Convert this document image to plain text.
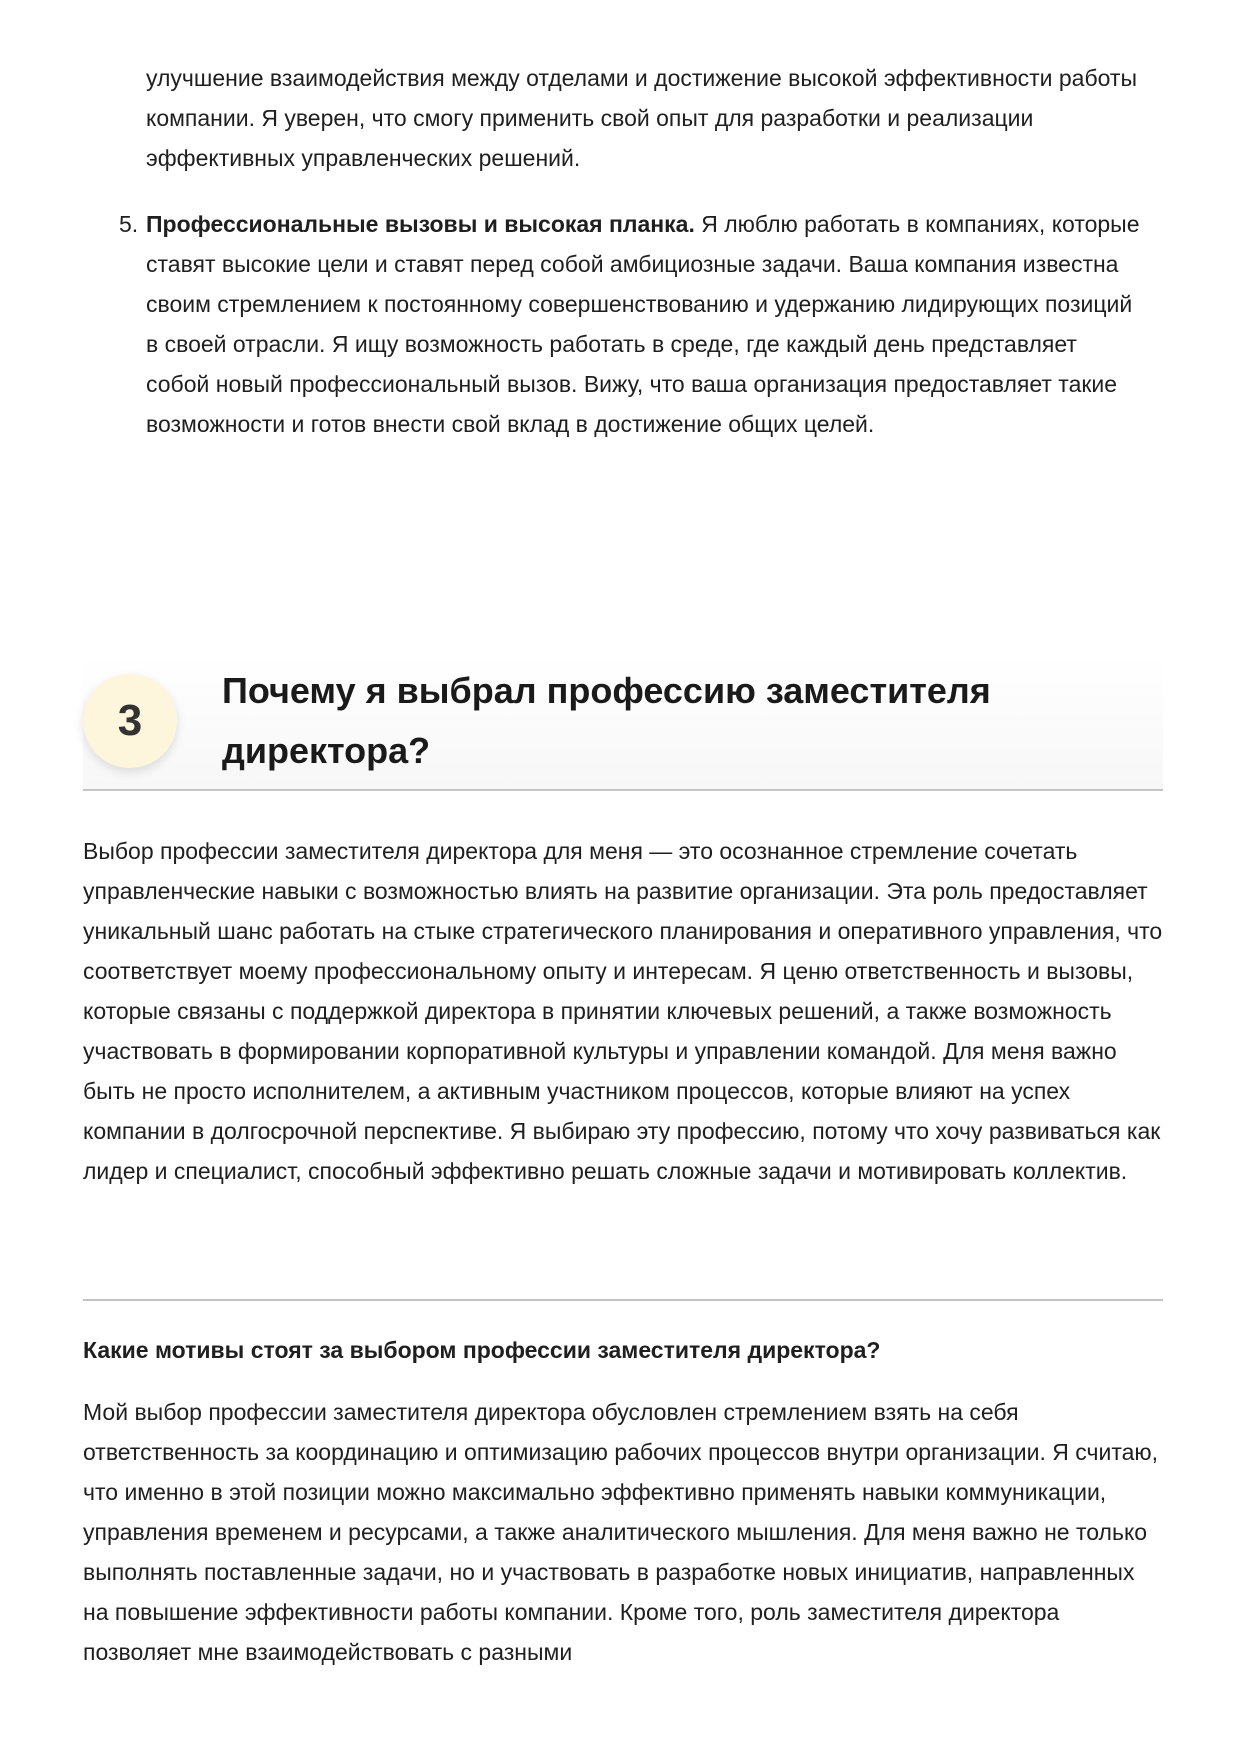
улучшение взаимодействия между отделами и достижение высокой эффективности работы компании. Я уверен, что смогу применить свой опыт для разработки и реализации эффективных управленческих решений.

5. Профессиональные вызовы и высокая планка. Я люблю работать в компаниях, которые ставят высокие цели и ставят перед собой амбициозные задачи. Ваша компания известна своим стремлением к постоянному совершенствованию и удержанию лидирующих позиций в своей отрасли. Я ищу возможность работать в среде, где каждый день представляет собой новый профессиональный вызов. Вижу, что ваша организация предоставляет такие возможности и готов внести свой вклад в достижение общих целей.

3
Почему я выбрал профессию заместителя директора?

Выбор профессии заместителя директора для меня — это осознанное стремление сочетать управленческие навыки с возможностью влиять на развитие организации. Эта роль предоставляет уникальный шанс работать на стыке стратегического планирования и оперативного управления, что соответствует моему профессиональному опыту и интересам. Я ценю ответственность и вызовы, которые связаны с поддержкой директора в принятии ключевых решений, а также возможность участвовать в формировании корпоративной культуры и управлении командой. Для меня важно быть не просто исполнителем, а активным участником процессов, которые влияют на успех компании в долгосрочной перспективе. Я выбираю эту профессию, потому что хочу развиваться как лидер и специалист, способный эффективно решать сложные задачи и мотивировать коллектив.

Какие мотивы стоят за выбором профессии заместителя директора?

Мой выбор профессии заместителя директора обусловлен стремлением взять на себя ответственность за координацию и оптимизацию рабочих процессов внутри организации. Я считаю, что именно в этой позиции можно максимально эффективно применять навыки коммуникации, управления временем и ресурсами, а также аналитического мышления. Для меня важно не только выполнять поставленные задачи, но и участвовать в разработке новых инициатив, направленных на повышение эффективности работы компании. Кроме того, роль заместителя директора позволяет мне взаимодействовать с разными
